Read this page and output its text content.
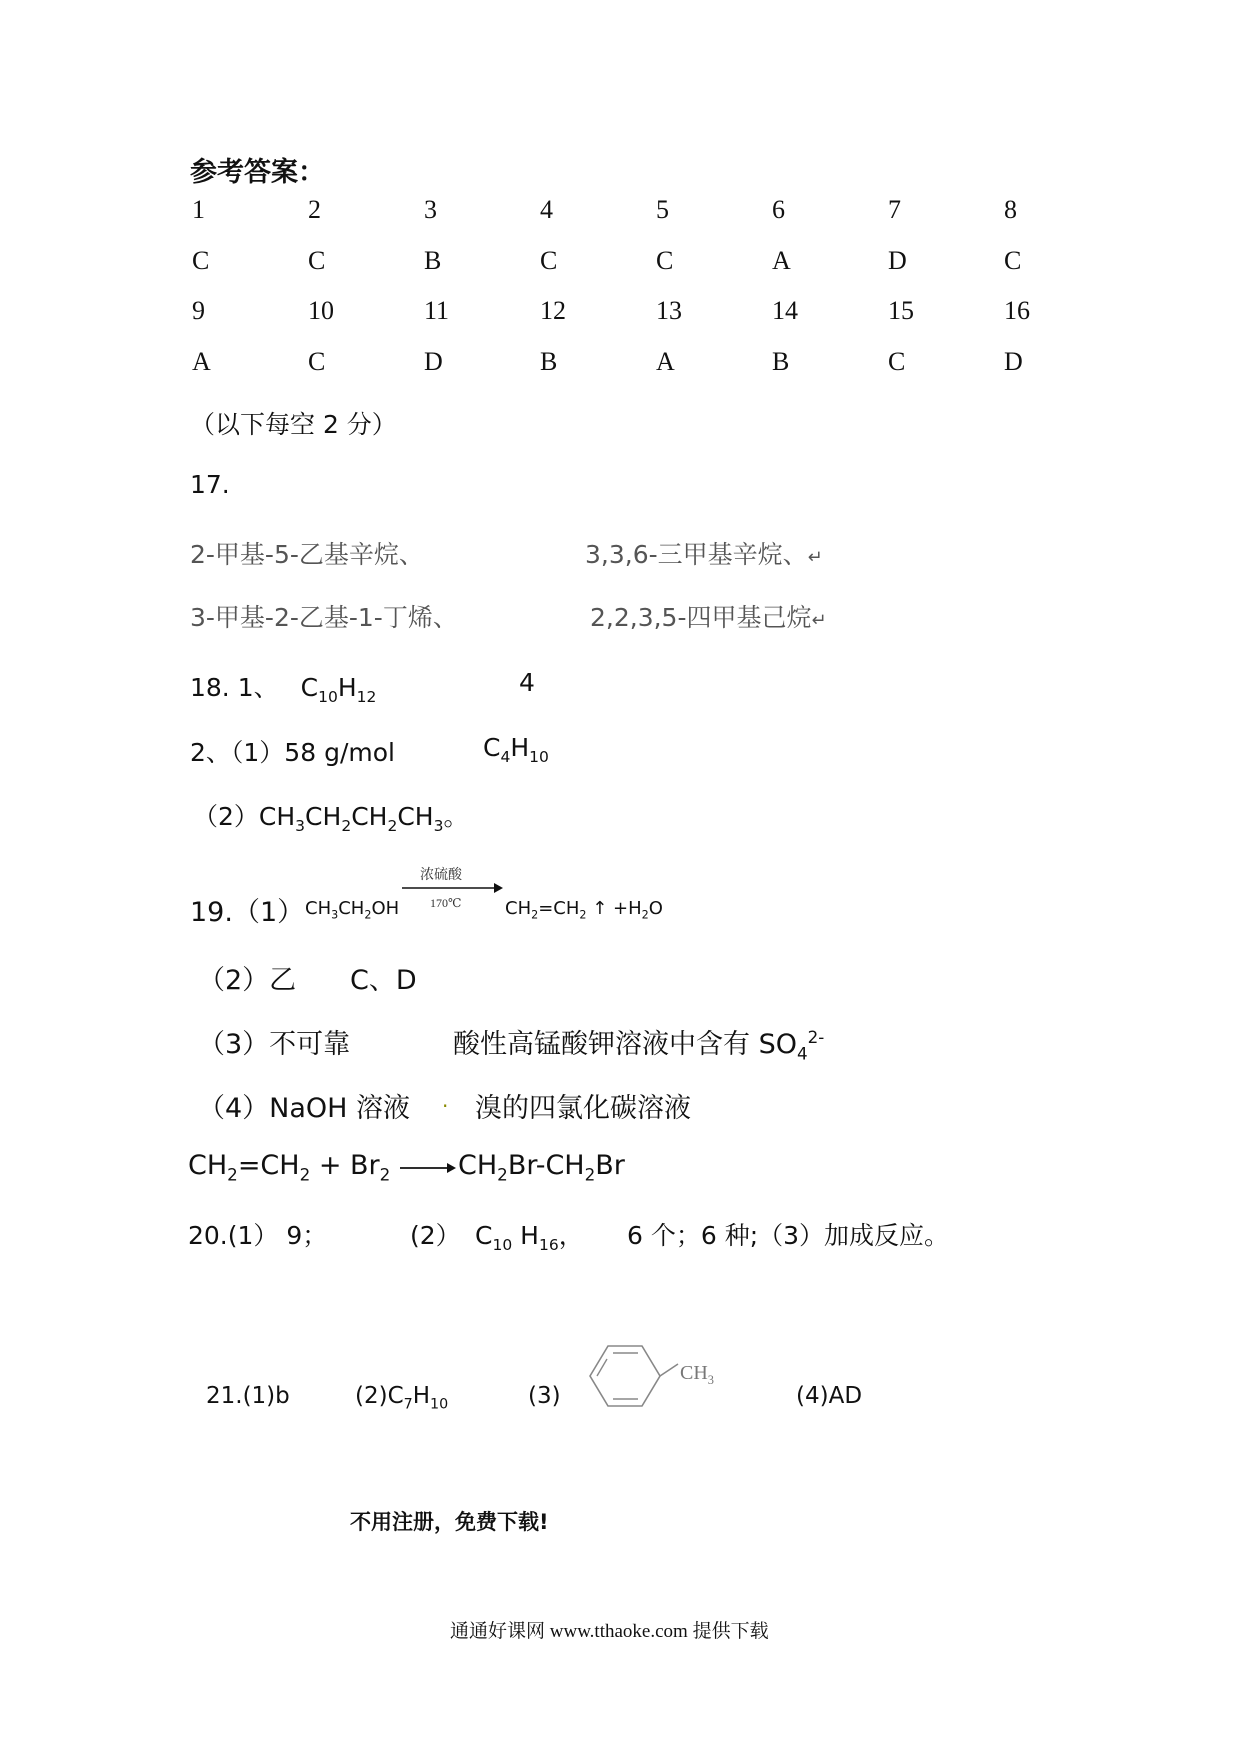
参考答案：
1	2	3	4	5	6	7	8
C	C	B	C	C	A	D	C
9	10	11	12	13	14	15	16
A	C	D	B	A	B	C	D
（以下每空 2 分）
17.
2-甲基-5-乙基辛烷、	3,3,6-三甲基辛烷、↵
3-甲基-2-乙基-1-丁烯、	2,2,3,5-四甲基己烷↵
18. 1、 $C_{10}H_{12}$	4
2、（1）58 g/mol	$C_4H_{10}$
$(2)CH_3CH_2CH_2CH_3$。
19.（1） $CH_3CH_2OH$
浓硫酸
170℃ $CH_2=CH_2$ ↑ $+H_2O$
（2）乙 C、D
（3）不可靠	酸性高锰酸钾溶液中含有 $SO_4^{2-}$
（4）NaOH 溶液 . 溴的四氯化碳溶液
$CH_2=CH_2 + Br_2$	$CH_2Br-CH_2Br$
20.(1） 9；	(2） $C_{10}$ $H_{16}$， 6 个；6 种;（3）加成反应。
21.(1)b	$(2)C_7H_{10}$	(3)
$CH_3$
(4)AD
不用注册，免费下载!
通通好课网 www.tthaoke.com 提供下载
